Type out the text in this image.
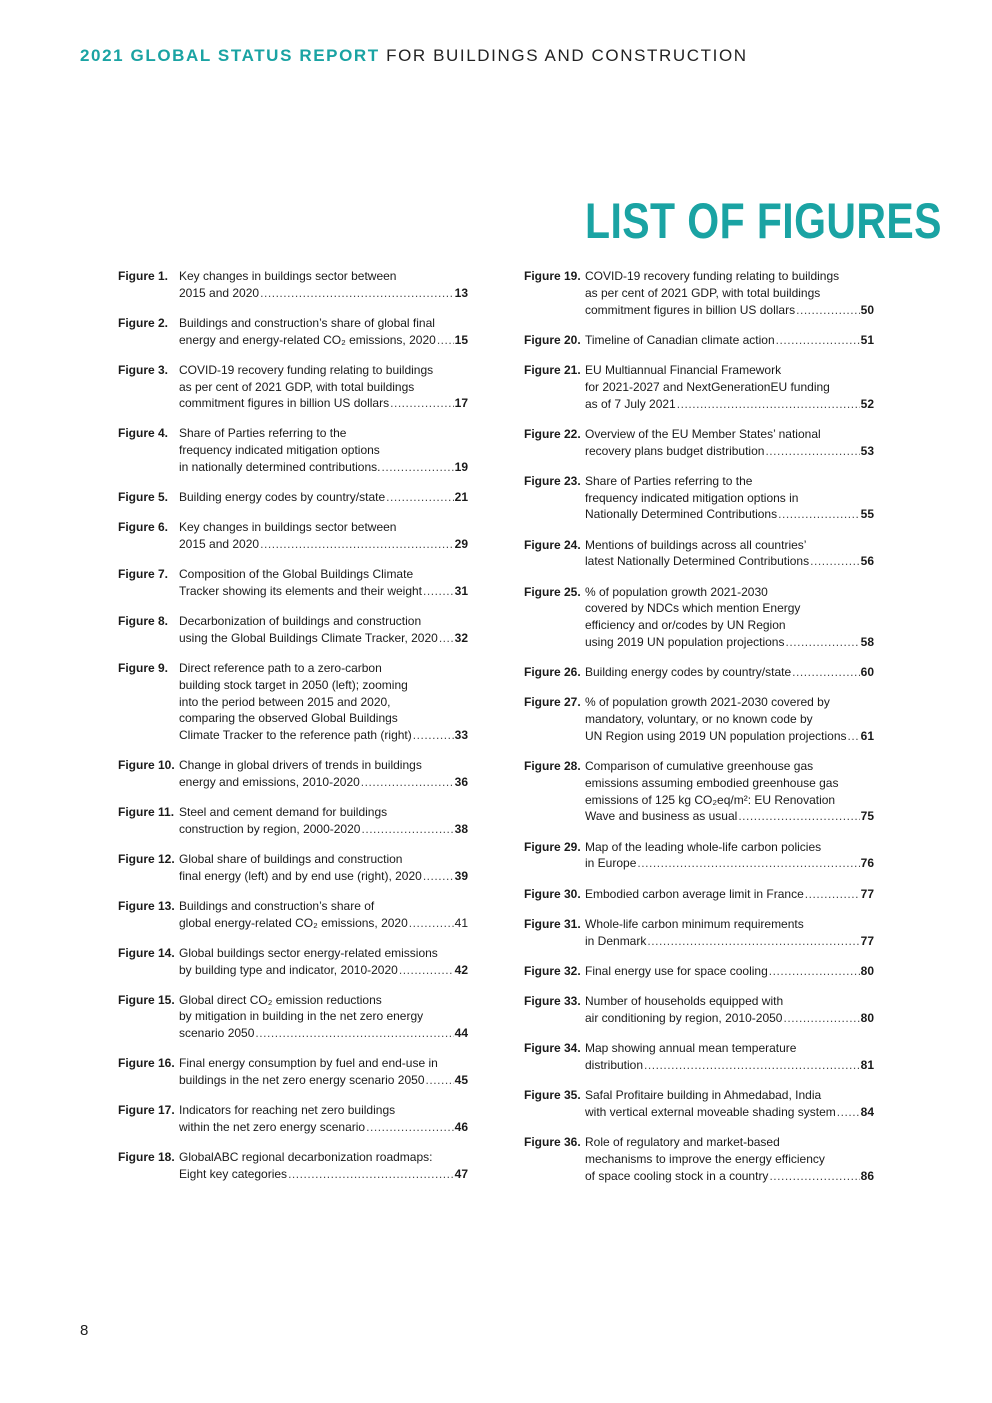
2021 GLOBAL STATUS REPORT FOR BUILDINGS AND CONSTRUCTION
LIST OF FIGURES
Figure 1. Key changes in buildings sector between
2015 and 2020 . . .	13
Figure 2. Buildings and construction’s share of global final
energy and energy-related CO₂ emissions, 2020 . . . 15
Figure 3. COVID-19 recovery funding relating to buildings
as per cent of 2021 GDP, with total buildings
commitment figures in billion US dollars . . .	17
Figure 4. Share of Parties referring to the
frequency indicated mitigation options
in nationally determined contributions. . . .	19
Figure 5. Building energy codes by country/state . . .	21
Figure 6. Key changes in buildings sector between
2015 and 2020 . . .	29
Figure 7. Composition of the Global Buildings Climate
Tracker showing its elements and their weight . . .	31
Figure 8. Decarbonization of buildings and construction
using the Global Buildings Climate Tracker, 2020 . . . 32
Figure 9. Direct reference path to a zero-carbon
building stock target in 2050 (left); zooming
into the period between 2015 and 2020,
comparing the observed Global Buildings
Climate Tracker to the reference path (right) . . .	33
Figure 10. Change in global drivers of trends in buildings
energy and emissions, 2010-2020 . . .	36
Figure 11. Steel and cement demand for buildings
construction by region, 2000-2020 . . .	38
Figure 12. Global share of buildings and construction
final energy (left) and by end use (right), 2020 . . .	39
Figure 13. Buildings and construction’s share of
global energy-related CO₂ emissions, 2020 . . .	41
Figure 14. Global buildings sector energy-related emissions
by building type and indicator, 2010-2020 . . .	42
Figure 15. Global direct CO₂ emission reductions
by mitigation in building in the net zero energy
scenario 2050 . . .	44
Figure 16. Final energy consumption by fuel and end-use in
buildings in the net zero energy scenario 2050 . . .	45
Figure 17. Indicators for reaching net zero buildings
within the net zero energy scenario . . .	46
Figure 18. GlobalABC regional decarbonization roadmaps:
Eight key categories . . .	47
Figure 19. COVID-19 recovery funding relating to buildings
as per cent of 2021 GDP, with total buildings
commitment figures in billion US dollars . . .	50
Figure 20. Timeline of Canadian climate action . . .	51
Figure 21. EU Multiannual Financial Framework
for 2021-2027 and NextGenerationEU funding
as of 7 July 2021 . . .	52
Figure 22. Overview of the EU Member States’ national
recovery plans budget distribution . . .	53
Figure 23. Share of Parties referring to the
frequency indicated mitigation options in
Nationally Determined Contributions . . .	55
Figure 24. Mentions of buildings across all countries’
latest Nationally Determined Contributions . . .	56
Figure 25. % of population growth 2021-2030
covered by NDCs which mention Energy
efficiency and or/codes by UN Region
using 2019 UN population projections . . .	58
Figure 26. Building energy codes by country/state . . .	60
Figure 27. % of population growth 2021-2030 covered by
mandatory, voluntary, or no known code by
UN Region using 2019 UN population projections . . . 61
Figure 28. Comparison of cumulative greenhouse gas
emissions assuming embodied greenhouse gas
emissions of 125 kg CO₂eq/m²: EU Renovation
Wave and business as usual . . .	75
Figure 29. Map of the leading whole-life carbon policies
in Europe . . .	76
Figure 30. Embodied carbon average limit in France . . .	77
Figure 31. Whole-life carbon minimum requirements
in Denmark . . .	77
Figure 32. Final energy use for space cooling . . .	80
Figure 33. Number of households equipped with
air conditioning by region, 2010-2050 . . .	80
Figure 34. Map showing annual mean temperature
distribution . . .	81
Figure 35. Safal Profitaire building in Ahmedabad, India
with vertical external moveable shading system . . . 84
Figure 36. Role of regulatory and market-based
mechanisms to improve the energy efficiency
of space cooling stock in a country . . .	86
8
